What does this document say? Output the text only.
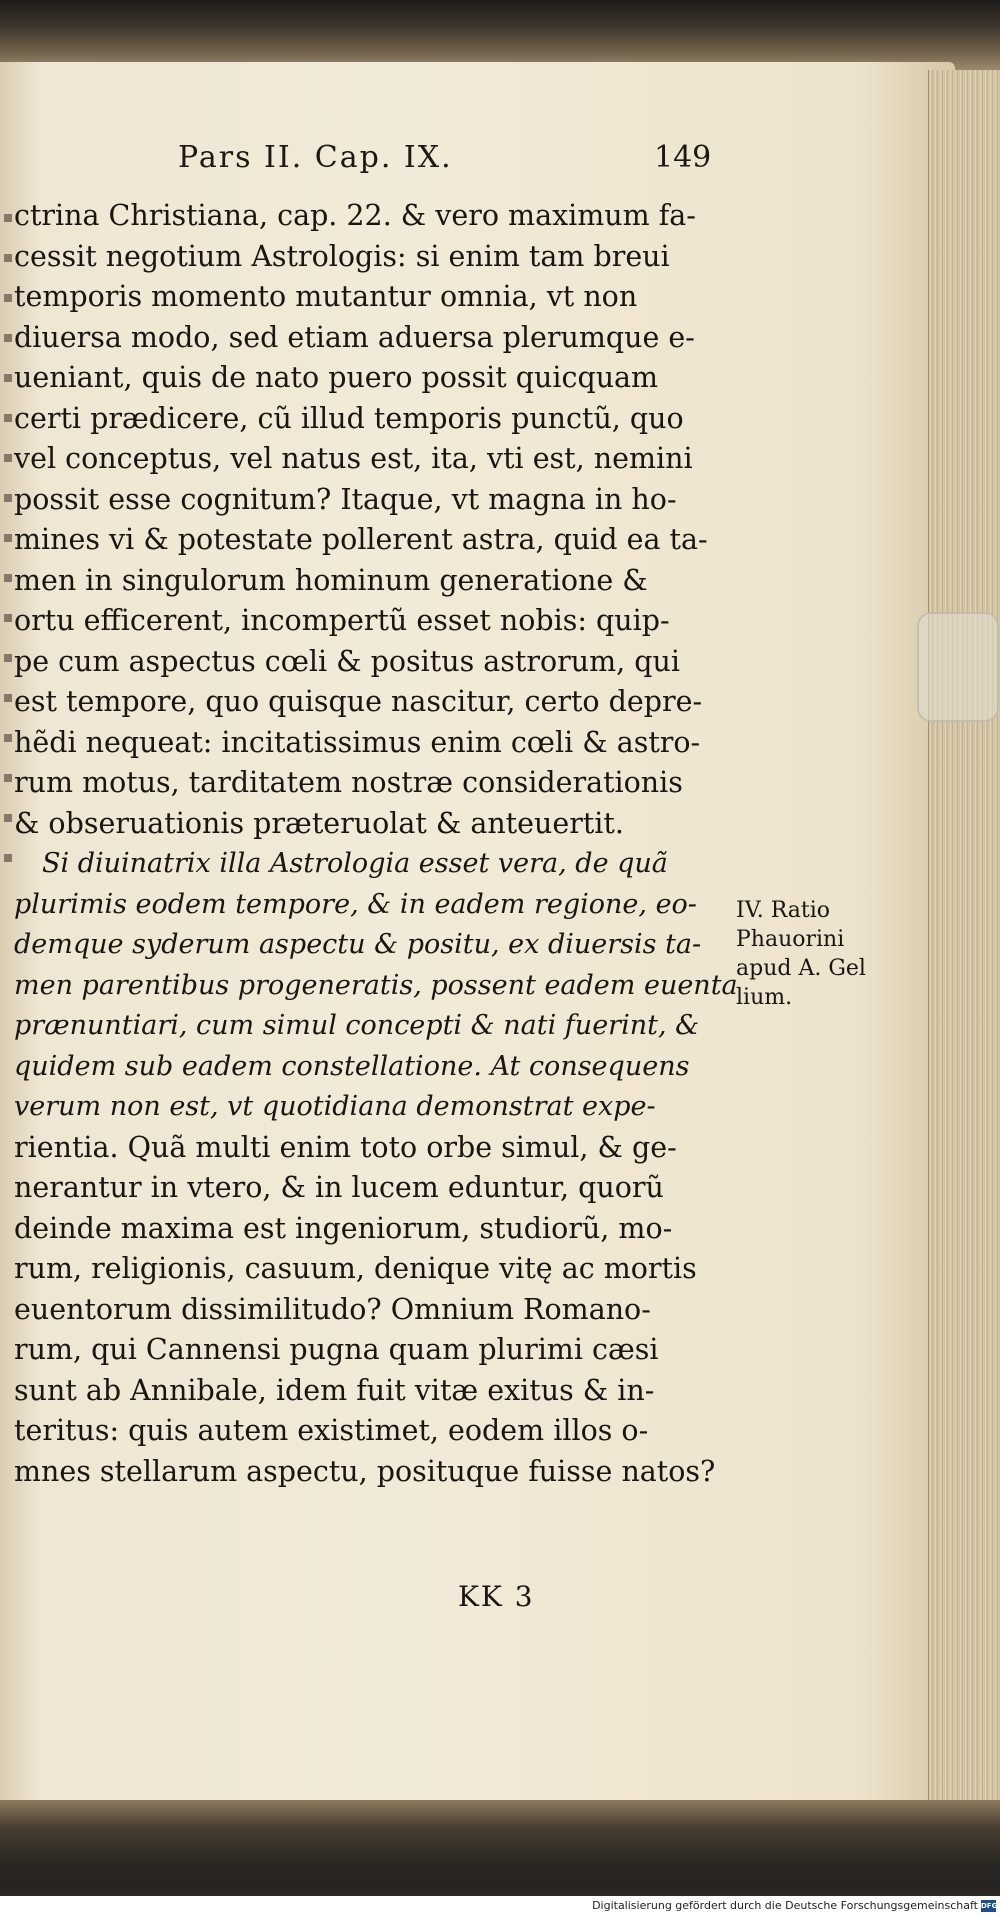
Pars II. Cap. IX.	149
ctrina Christiana, cap. 22. & vero maximum fa-
cessit negotium Astrologis: si enim tam breui
temporis momento mutantur omnia, vt non
diuersa modo, sed etiam aduersa plerumque e-
ueniant, quis de nato puero possit quicquam
certi prædicere, cũ illud temporis punctũ, quo
vel conceptus, vel natus est, ita, vti est, nemini
possit esse cognitum? Itaque, vt magna in ho-
mines vi & potestate pollerent astra, quid ea ta-
men in singulorum hominum generatione &
ortu efficerent, incompertũ esset nobis: quip-
pe cum aspectus cœli & positus astrorum, qui
est tempore, quo quisque nascitur, certo depre-
hẽdi nequeat: incitatissimus enim cœli & astro-
rum motus, tarditatem nostræ considerationis
& obseruationis præteruolat & anteuertit.
Si diuinatrix illa Astrologia esset vera, de quã
plurimis eodem tempore, & in eadem regione, eo-
demque syderum aspectu & positu, ex diuersis ta-
men parentibus progeneratis, possent eadem euenta
prænuntiari, cum simul concepti & nati fuerint, &
quidem sub eadem constellatione. At consequens
verum non est, vt quotidiana demonstrat expe-
rientia. Quã multi enim toto orbe simul, & ge-
nerantur in vtero, & in lucem eduntur, quorũ
deinde maxima est ingeniorum, studiorũ, mo-
rum, religionis, casuum, denique vitę ac mortis
euentorum dissimilitudo? Omnium Romano-
rum, qui Cannensi pugna quam plurimi cæsi
sunt ab Annibale, idem fuit vitæ exitus & in-
teritus: quis autem existimet, eodem illos o-
mnes stellarum aspectu, posituque fuisse natos?
IV. Ratio
Phauorini
apud A. Gel
lium.
KK 3
Digitalisierung gefördert durch die Deutsche Forschungsgemeinschaft DFG
